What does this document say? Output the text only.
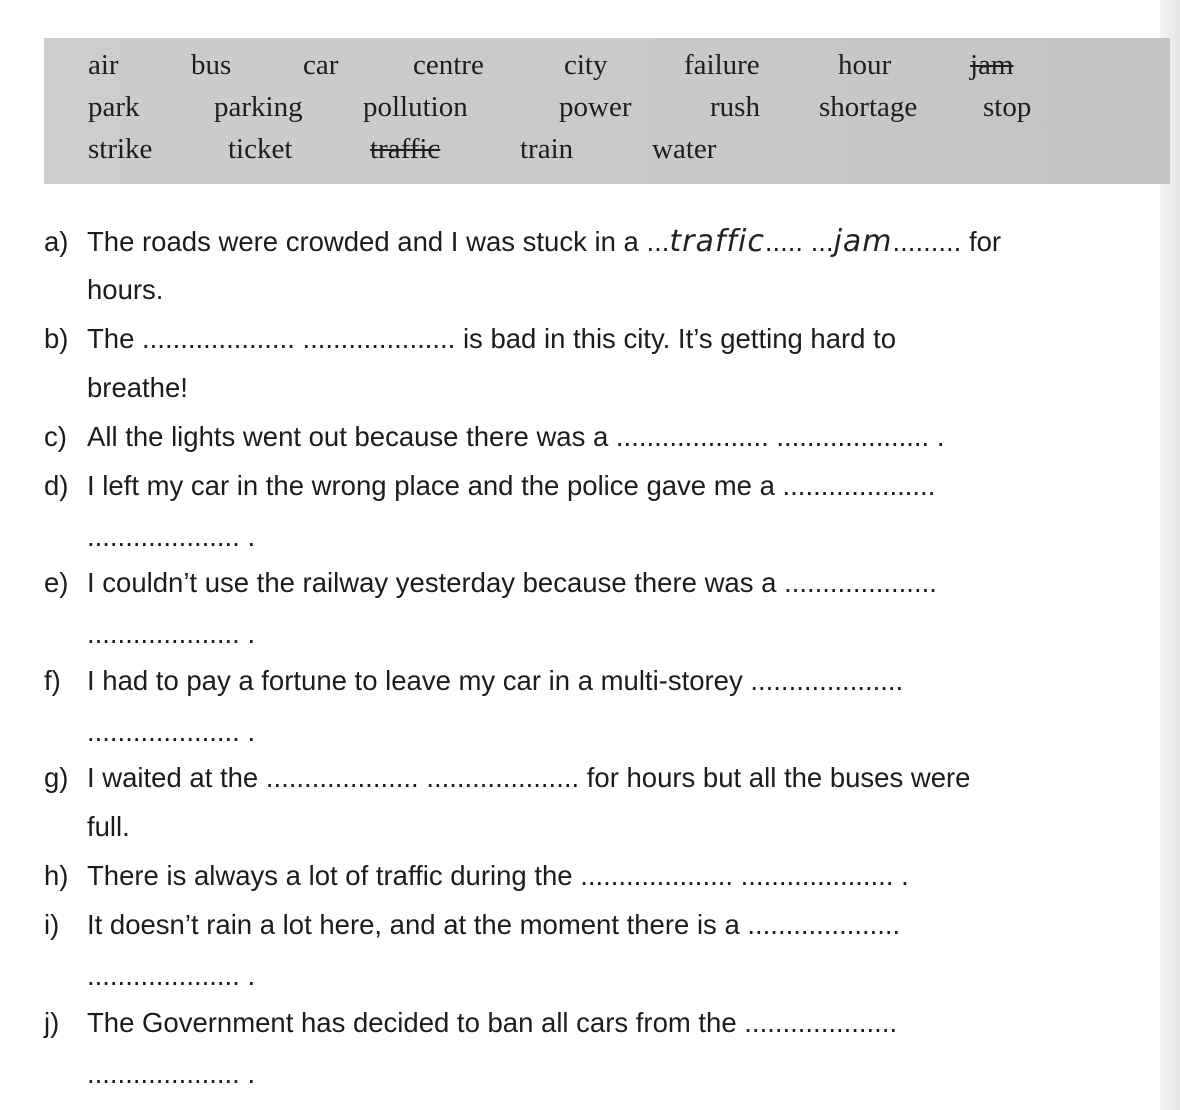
air bus car	centre	city	failure	hour	jam
park	parking pollution	power	rush shortage stop
strike	ticket	traffic	train	water
a) The roads were crowded and I was stuck in a ...traffic..... ...jam......... for
hours.
b) The .................... .................... is bad in this city. It’s getting hard to
breathe!
c) All the lights went out because there was a .................... .................... .
d) I left my car in the wrong place and the police gave me a ....................
.................... .
e) I couldn’t use the railway yesterday because there was a ....................
.................... .
f) I had to pay a fortune to leave my car in a multi-storey ....................
.................... .
g) I waited at the .................... .................... for hours but all the buses were
full.
h) There is always a lot of traffic during the .................... .................... .
i) It doesn’t rain a lot here, and at the moment there is a ....................
.................... .
j) The Government has decided to ban all cars from the ....................
.................... .
